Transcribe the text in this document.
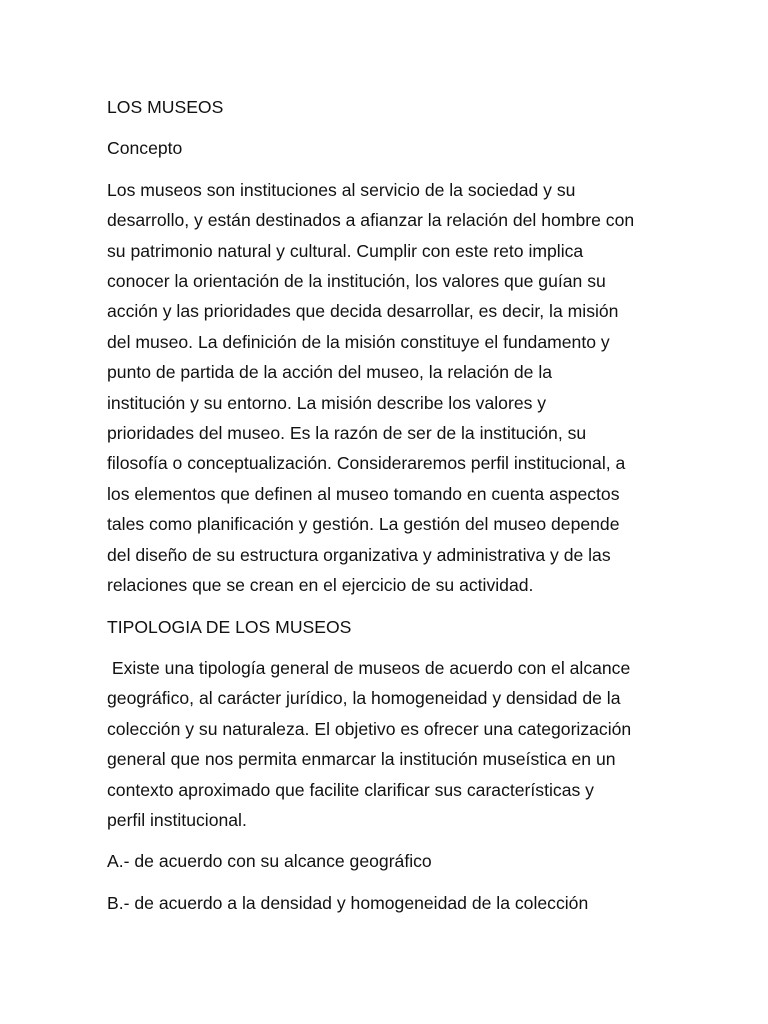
LOS MUSEOS

Concepto

Los museos son instituciones al servicio de la sociedad y su
desarrollo, y están destinados a afianzar la relación del hombre con
su patrimonio natural y cultural. Cumplir con este reto implica
conocer la orientación de la institución, los valores que guían su
acción y las prioridades que decida desarrollar, es decir, la misión
del museo. La definición de la misión constituye el fundamento y
punto de partida de la acción del museo, la relación de la
institución y su entorno. La misión describe los valores y
prioridades del museo. Es la razón de ser de la institución, su
filosofía o conceptualización. Consideraremos perfil institucional, a
los elementos que definen al museo tomando en cuenta aspectos
tales como planificación y gestión. La gestión del museo depende
del diseño de su estructura organizativa y administrativa y de las
relaciones que se crean en el ejercicio de su actividad.

TIPOLOGIA DE LOS MUSEOS

Existe una tipología general de museos de acuerdo con el alcance
geográfico, al carácter jurídico, la homogeneidad y densidad de la
colección y su naturaleza. El objetivo es ofrecer una categorización
general que nos permita enmarcar la institución museística en un
contexto aproximado que facilite clarificar sus características y
perfil institucional.

A.- de acuerdo con su alcance geográfico

B.- de acuerdo a la densidad y homogeneidad de la colección
